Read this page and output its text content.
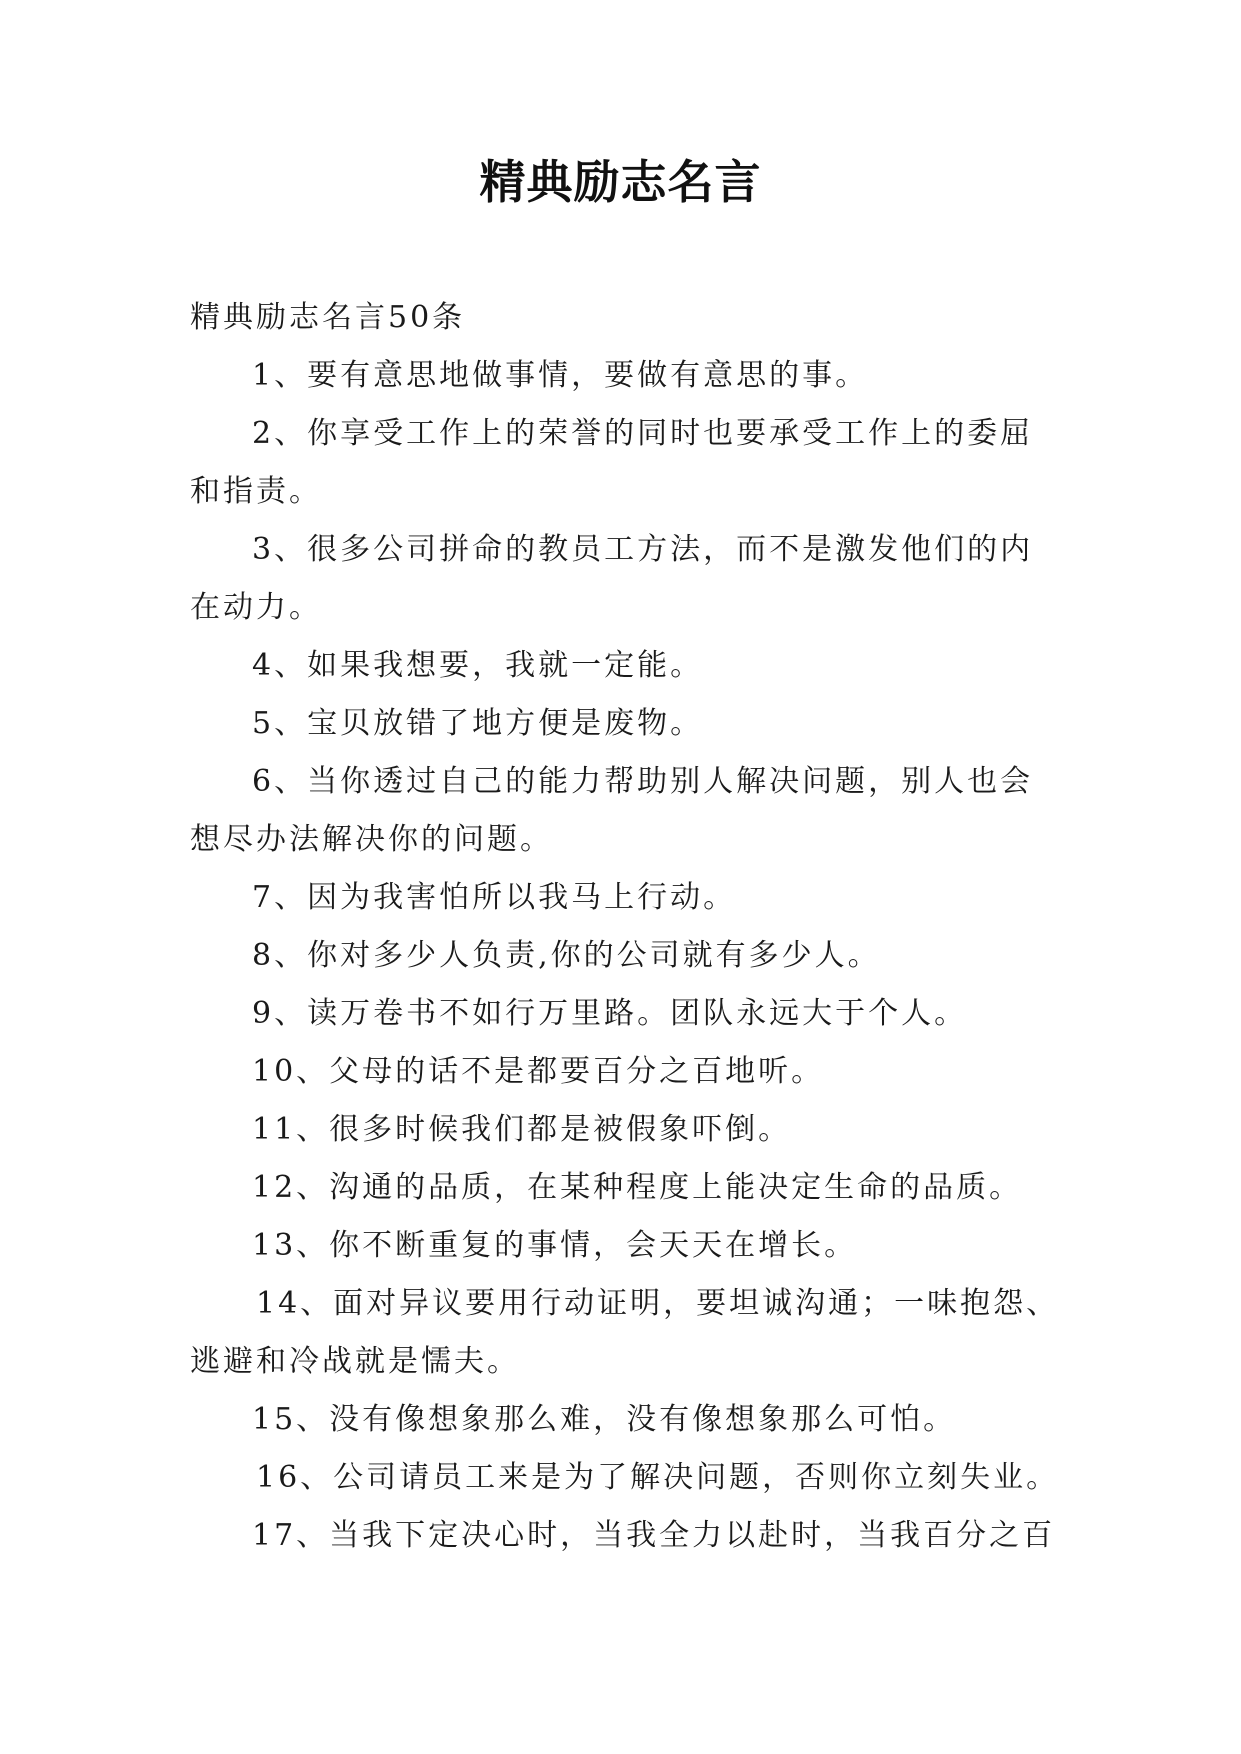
精典励志名言
精典励志名言50条
1、要有意思地做事情，要做有意思的事。
2、你享受工作上的荣誉的同时也要承受工作上的委屈
和指责。
3、很多公司拼命的教员工方法，而不是激发他们的内
在动力。
4、如果我想要，我就一定能。
5、宝贝放错了地方便是废物。
6、当你透过自己的能力帮助别人解决问题，别人也会
想尽办法解决你的问题。
7、因为我害怕所以我马上行动。
8、你对多少人负责,你的公司就有多少人。
9、读万卷书不如行万里路。团队永远大于个人。
10、父母的话不是都要百分之百地听。
11、很多时候我们都是被假象吓倒。
12、沟通的品质，在某种程度上能决定生命的品质。
13、你不断重复的事情，会天天在增长。
14、面对异议要用行动证明，要坦诚沟通；一味抱怨、
逃避和冷战就是懦夫。
15、没有像想象那么难，没有像想象那么可怕。
16、公司请员工来是为了解决问题，否则你立刻失业。
17、当我下定决心时，当我全力以赴时，当我百分之百
